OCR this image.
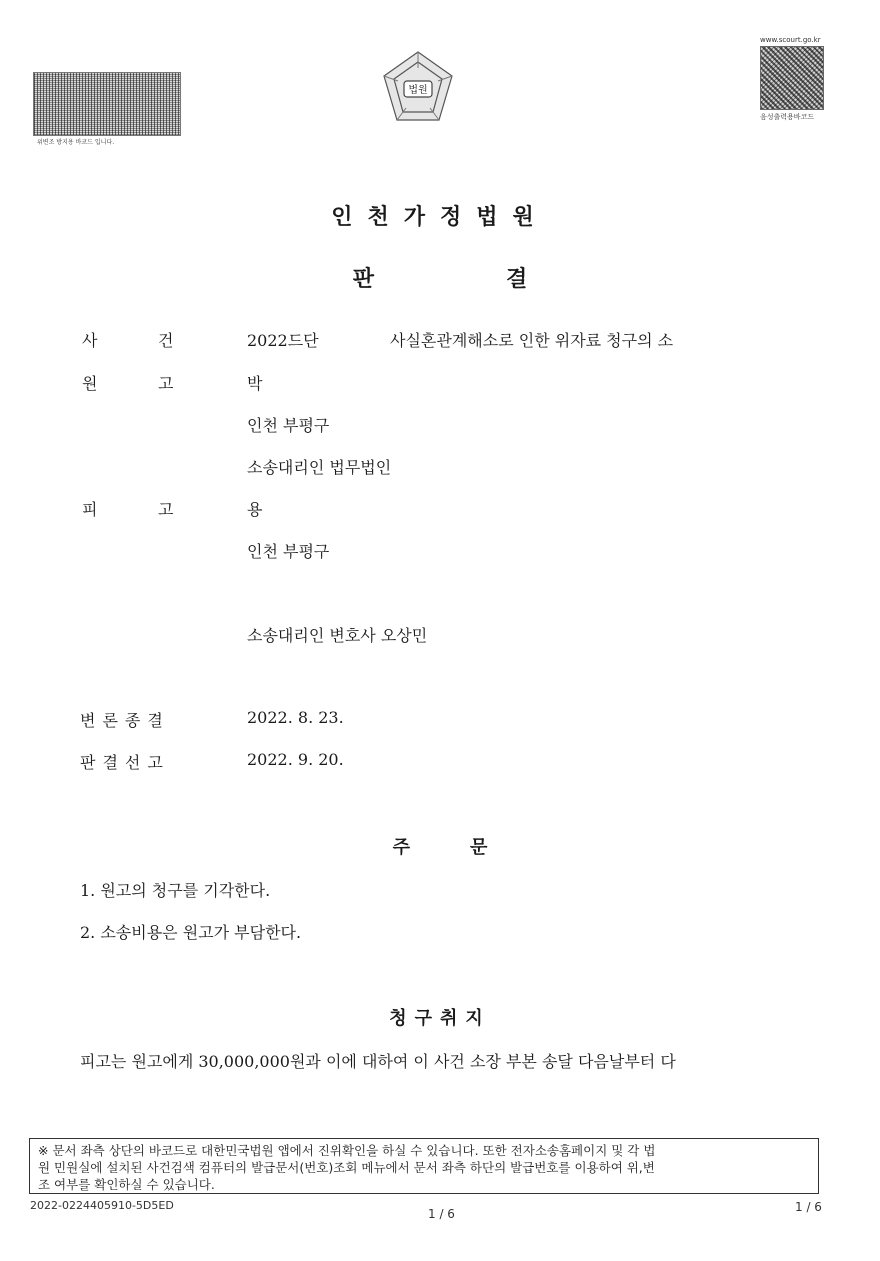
위변조 방지용 바코드 입니다.
www.scourt.go.kr
음성출력용바코드
법원
인천가정법원
판	결
사	건	2022드단	사실혼관계해소로 인한 위자료 청구의 소
원	고	박
인천 부평구
소송대리인 법무법인
피	고	용
인천 부평구
소송대리인 변호사 오상민
변론종결	2022. 8. 23.
판결선고	2022. 9. 20.
주	문
1. 원고의 청구를 기각한다.
2. 소송비용은 원고가 부담한다.
청구취지
피고는 원고에게 30,000,000원과 이에 대하여 이 사건 소장 부본 송달 다음날부터 다
※ 문서 좌측 상단의 바코드로 대한민국법원 앱에서 진위확인을 하실 수 있습니다. 또한 전자소송홈페이지 및 각 법
원 민원실에 설치된 사건검색 컴퓨터의 발급문서(번호)조회 메뉴에서 문서 좌측 하단의 발급번호를 이용하여 위,변
조 여부를 확인하실 수 있습니다.
2022-0224405910-5D5ED
1 / 6	1 / 6
